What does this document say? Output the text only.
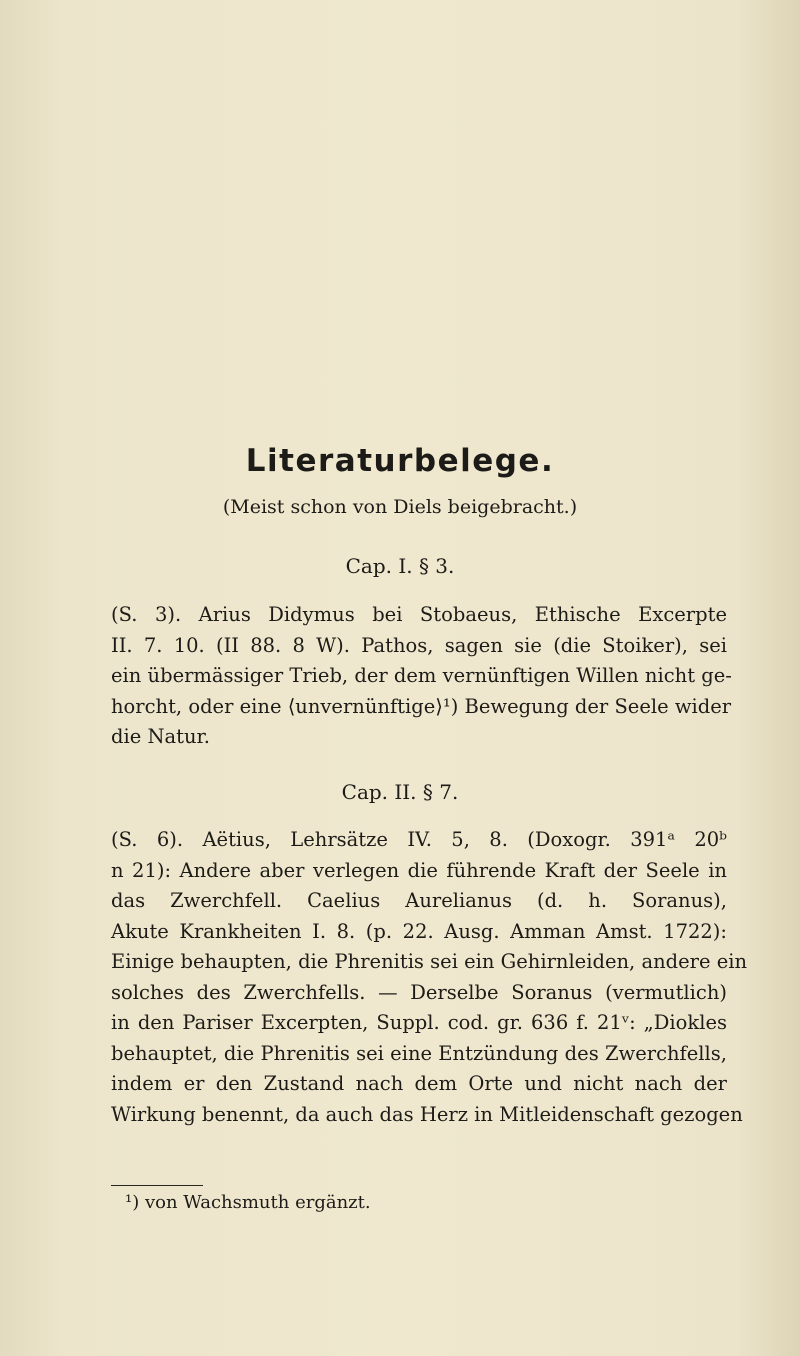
Literaturbelege.
(Meist schon von Diels beigebracht.)
Cap. I. § 3.
(S. 3). Arius Didymus bei Stobaeus, Ethische Excerpte
II. 7. 10. (II 88. 8 W). Pathos, sagen sie (die Stoiker), sei
ein übermässiger Trieb, der dem vernünftigen Willen nicht ge-
horcht, oder eine ⟨unvernünftige⟩¹) Bewegung der Seele wider
die Natur.
Cap. II. § 7.
(S. 6). Aëtius, Lehrsätze IV. 5, 8. (Doxogr. 391ᵃ 20ᵇ
n 21): Andere aber verlegen die führende Kraft der Seele in
das Zwerchfell. Caelius Aurelianus (d. h. Soranus),
Akute Krankheiten I. 8. (p. 22. Ausg. Amman Amst. 1722):
Einige behaupten, die Phrenitis sei ein Gehirnleiden, andere ein
solches des Zwerchfells. — Derselbe Soranus (vermutlich)
in den Pariser Excerpten, Suppl. cod. gr. 636 f. 21ᵛ: „Diokles
behauptet, die Phrenitis sei eine Entzündung des Zwerchfells,
indem er den Zustand nach dem Orte und nicht nach der
Wirkung benennt, da auch das Herz in Mitleidenschaft gezogen
¹) von Wachsmuth ergänzt.
